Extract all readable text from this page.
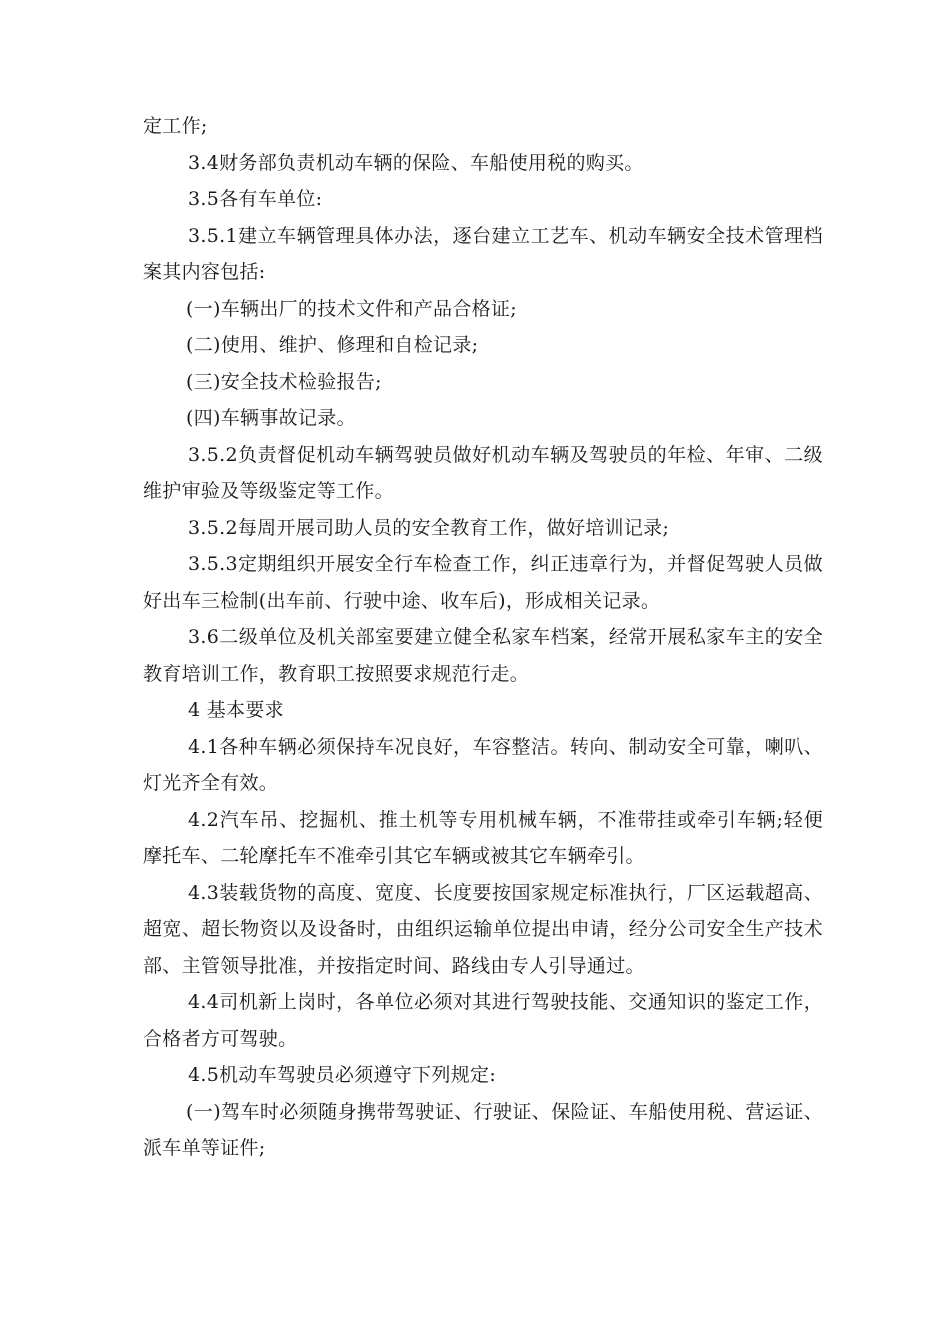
定工作;

3.4财务部负责机动车辆的保险、车船使用税的购买。

3.5各有车单位:

3.5.1建立车辆管理具体办法，逐台建立工艺车、机动车辆安全技术管理档案其内容包括:

(一)车辆出厂的技术文件和产品合格证;

(二)使用、维护、修理和自检记录;

(三)安全技术检验报告;

(四)车辆事故记录。

3.5.2负责督促机动车辆驾驶员做好机动车辆及驾驶员的年检、年审、二级维护审验及等级鉴定等工作。

3.5.2每周开展司助人员的安全教育工作，做好培训记录;

3.5.3定期组织开展安全行车检查工作，纠正违章行为，并督促驾驶人员做好出车三检制(出车前、行驶中途、收车后)，形成相关记录。

3.6二级单位及机关部室要建立健全私家车档案，经常开展私家车主的安全教育培训工作，教育职工按照要求规范行走。

4 基本要求

4.1各种车辆必须保持车况良好，车容整洁。转向、制动安全可靠，喇叭、灯光齐全有效。

4.2汽车吊、挖掘机、推土机等专用机械车辆，不准带挂或牵引车辆;轻便摩托车、二轮摩托车不准牵引其它车辆或被其它车辆牵引。

4.3装载货物的高度、宽度、长度要按国家规定标准执行，厂区运载超高、超宽、超长物资以及设备时，由组织运输单位提出申请，经分公司安全生产技术部、主管领导批准，并按指定时间、路线由专人引导通过。

4.4司机新上岗时，各单位必须对其进行驾驶技能、交通知识的鉴定工作，合格者方可驾驶。

4.5机动车驾驶员必须遵守下列规定:

(一)驾车时必须随身携带驾驶证、行驶证、保险证、车船使用税、营运证、派车单等证件;
